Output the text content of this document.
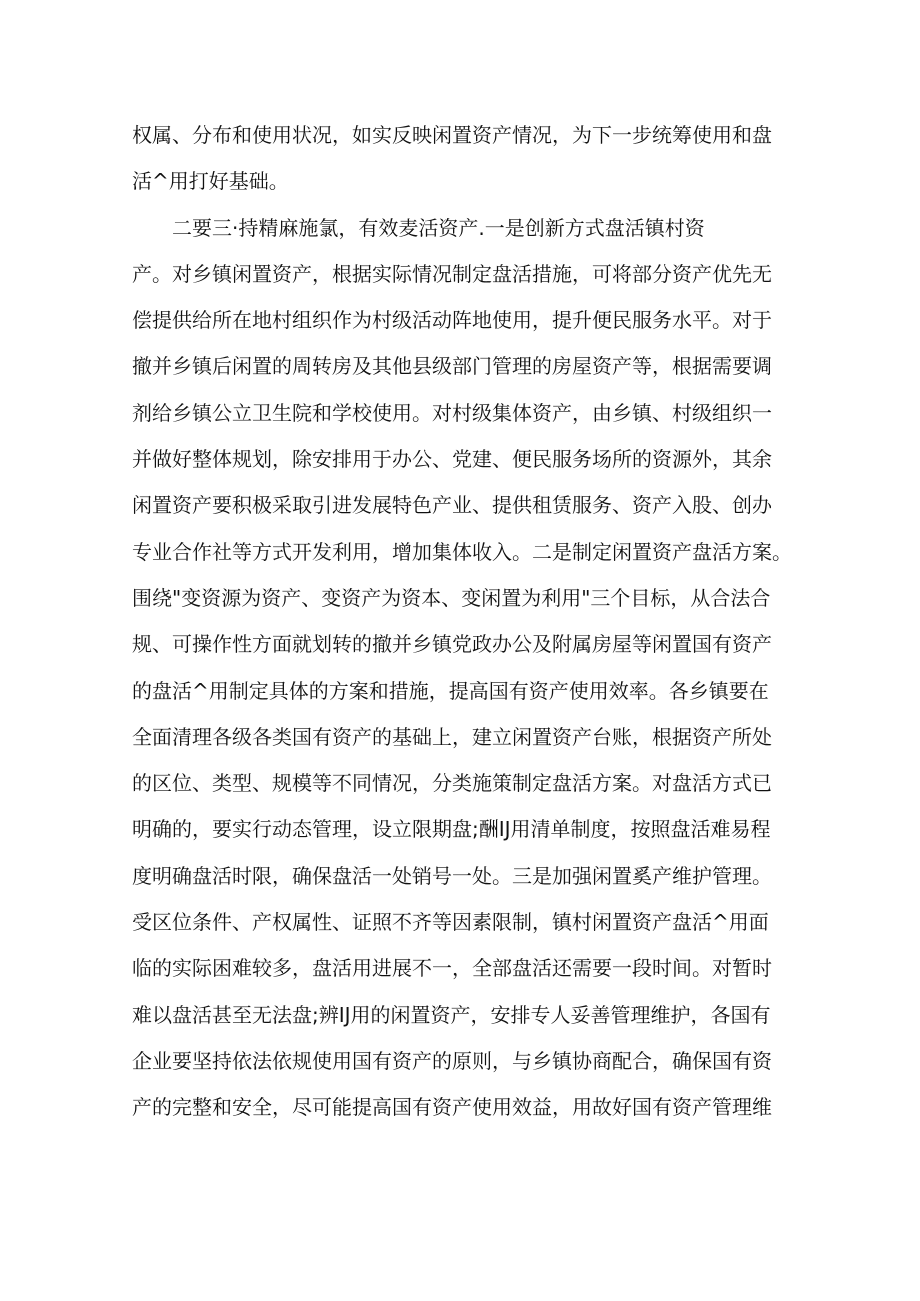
权属、分布和使用状况，如实反映闲置资产情况，为下一步统筹使用和盘
活^用打好基础。
二要三·持精麻施氯，有效麦活资产.一是创新方式盘活镇村资
产。对乡镇闲置资产，根据实际情况制定盘活措施，可将部分资产优先无
偿提供给所在地村组织作为村级活动阵地使用，提升便民服务水平。对于
撤并乡镇后闲置的周转房及其他县级部门管理的房屋资产等，根据需要调
剂给乡镇公立卫生院和学校使用。对村级集体资产，由乡镇、村级组织一
并做好整体规划，除安排用于办公、党建、便民服务场所的资源外，其余
闲置资产要积极采取引进发展特色产业、提供租赁服务、资产入股、创办
专业合作社等方式开发利用，增加集体收入。二是制定闲置资产盘活方案。
围绕"变资源为资产、变资产为资本、变闲置为利用"三个目标，从合法合
规、可操作性方面就划转的撤并乡镇党政办公及附属房屋等闲置国有资产
的盘活^用制定具体的方案和措施，提高国有资产使用效率。各乡镇要在
全面清理各级各类国有资产的基础上，建立闲置资产台账，根据资产所处
的区位、类型、规模等不同情况，分类施策制定盘活方案。对盘活方式已
明确的，要实行动态管理，设立限期盘;酬IJ用清单制度，按照盘活难易程
度明确盘活时限，确保盘活一处销号一处。三是加强闲置奚产维护管理。
受区位条件、产权属性、证照不齐等因素限制，镇村闲置资产盘活^用面
临的实际困难较多，盘活用进展不一，全部盘活还需要一段时间。对暂时
难以盘活甚至无法盘;辨IJ用的闲置资产，安排专人妥善管理维护，各国有
企业要坚持依法依规使用国有资产的原则，与乡镇协商配合，确保国有资
产的完整和安全，尽可能提高国有资产使用效益，用故好国有资产管理维
